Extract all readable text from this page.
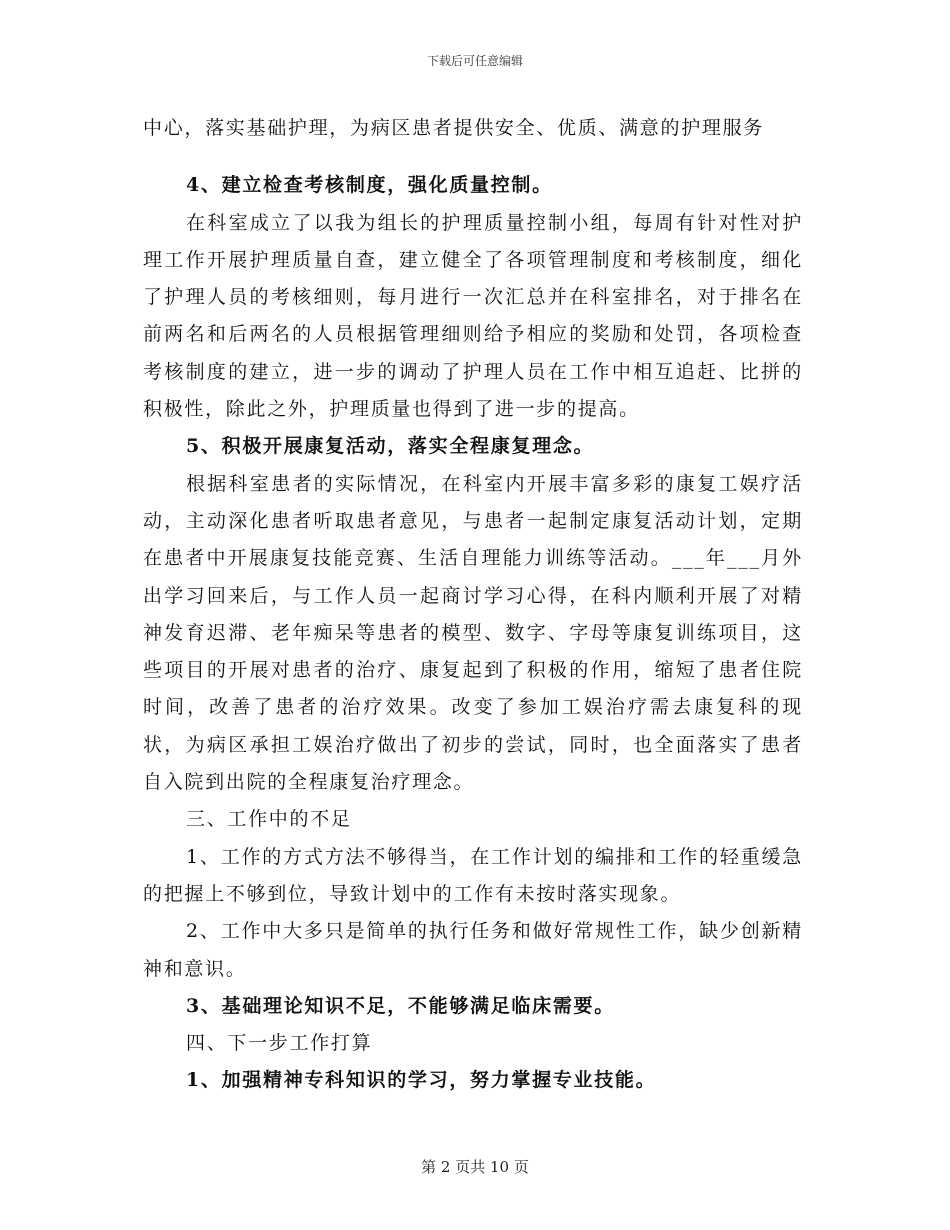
下载后可任意编辑

中心，落实基础护理，为病区患者提供安全、优质、满意的护理服务

4、建立检查考核制度，强化质量控制。

在科室成立了以我为组长的护理质量控制小组，每周有针对性对护理工作开展护理质量自查，建立健全了各项管理制度和考核制度，细化了护理人员的考核细则，每月进行一次汇总并在科室排名，对于排名在前两名和后两名的人员根据管理细则给予相应的奖励和处罚，各项检查考核制度的建立，进一步的调动了护理人员在工作中相互追赶、比拼的积极性，除此之外，护理质量也得到了进一步的提高。

5、积极开展康复活动，落实全程康复理念。

根据科室患者的实际情况，在科室内开展丰富多彩的康复工娱疗活动，主动深化患者听取患者意见，与患者一起制定康复活动计划，定期在患者中开展康复技能竞赛、生活自理能力训练等活动。___年___月外出学习回来后，与工作人员一起商讨学习心得，在科内顺利开展了对精神发育迟滞、老年痴呆等患者的模型、数字、字母等康复训练项目，这些项目的开展对患者的治疗、康复起到了积极的作用，缩短了患者住院时间，改善了患者的治疗效果。改变了参加工娱治疗需去康复科的现状，为病区承担工娱治疗做出了初步的尝试，同时，也全面落实了患者自入院到出院的全程康复治疗理念。

三、工作中的不足

1、工作的方式方法不够得当，在工作计划的编排和工作的轻重缓急的把握上不够到位，导致计划中的工作有未按时落实现象。

2、工作中大多只是简单的执行任务和做好常规性工作，缺少创新精神和意识。

3、基础理论知识不足，不能够满足临床需要。

四、下一步工作打算

1、加强精神专科知识的学习，努力掌握专业技能。

第 2 页共 10 页
